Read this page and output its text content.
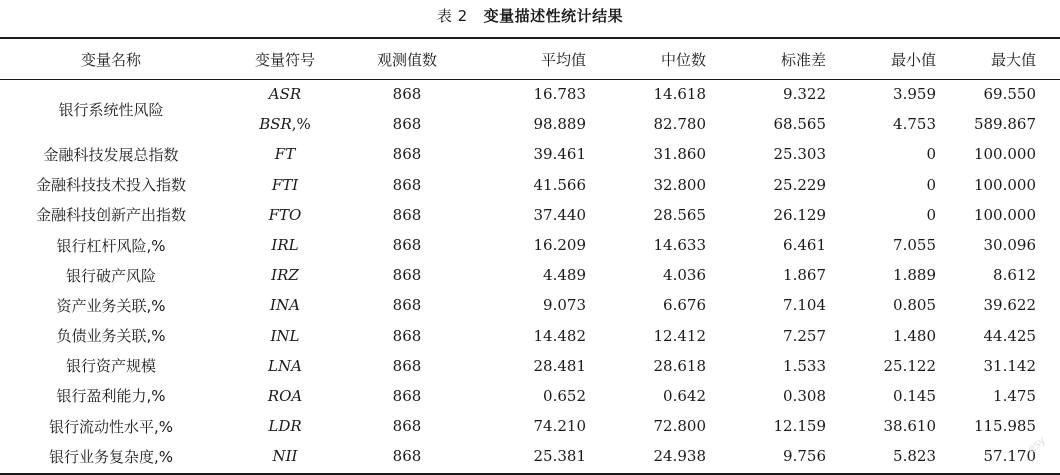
表 2 变量描述性统计结果
变量名称	变量符号	观测值数	平均值	中位数	标准差	最小值	最大值
银行系统性风险	ASR	868	16.783	14.618	9.322	3.959	69.550
	BSR,%	868	98.889	82.780	68.565	4.753	589.867
金融科技发展总指数	FT	868	39.461	31.860	25.303	0	100.000
金融科技技术投入指数	FTI	868	41.566	32.800	25.229	0	100.000
金融科技创新产出指数	FTO	868	37.440	28.565	26.129	0	100.000
银行杠杆风险,%	IRL	868	16.209	14.633	6.461	7.055	30.096
银行破产风险	IRZ	868	4.489	4.036	1.867	1.889	8.612
资产业务关联,%	INA	868	9.073	6.676	7.104	0.805	39.622
负债业务关联,%	INL	868	14.482	12.412	7.257	1.480	44.425
银行资产规模	LNA	868	28.481	28.618	1.533	25.122	31.142
银行盈利能力,%	ROA	868	0.652	0.642	0.308	0.145	1.475
银行流动性水平,%	LDR	868	74.210	72.800	12.159	38.610	115.985
银行业务复杂度,%	NII	868	25.381	24.938	9.756	5.823	57.170
esy
